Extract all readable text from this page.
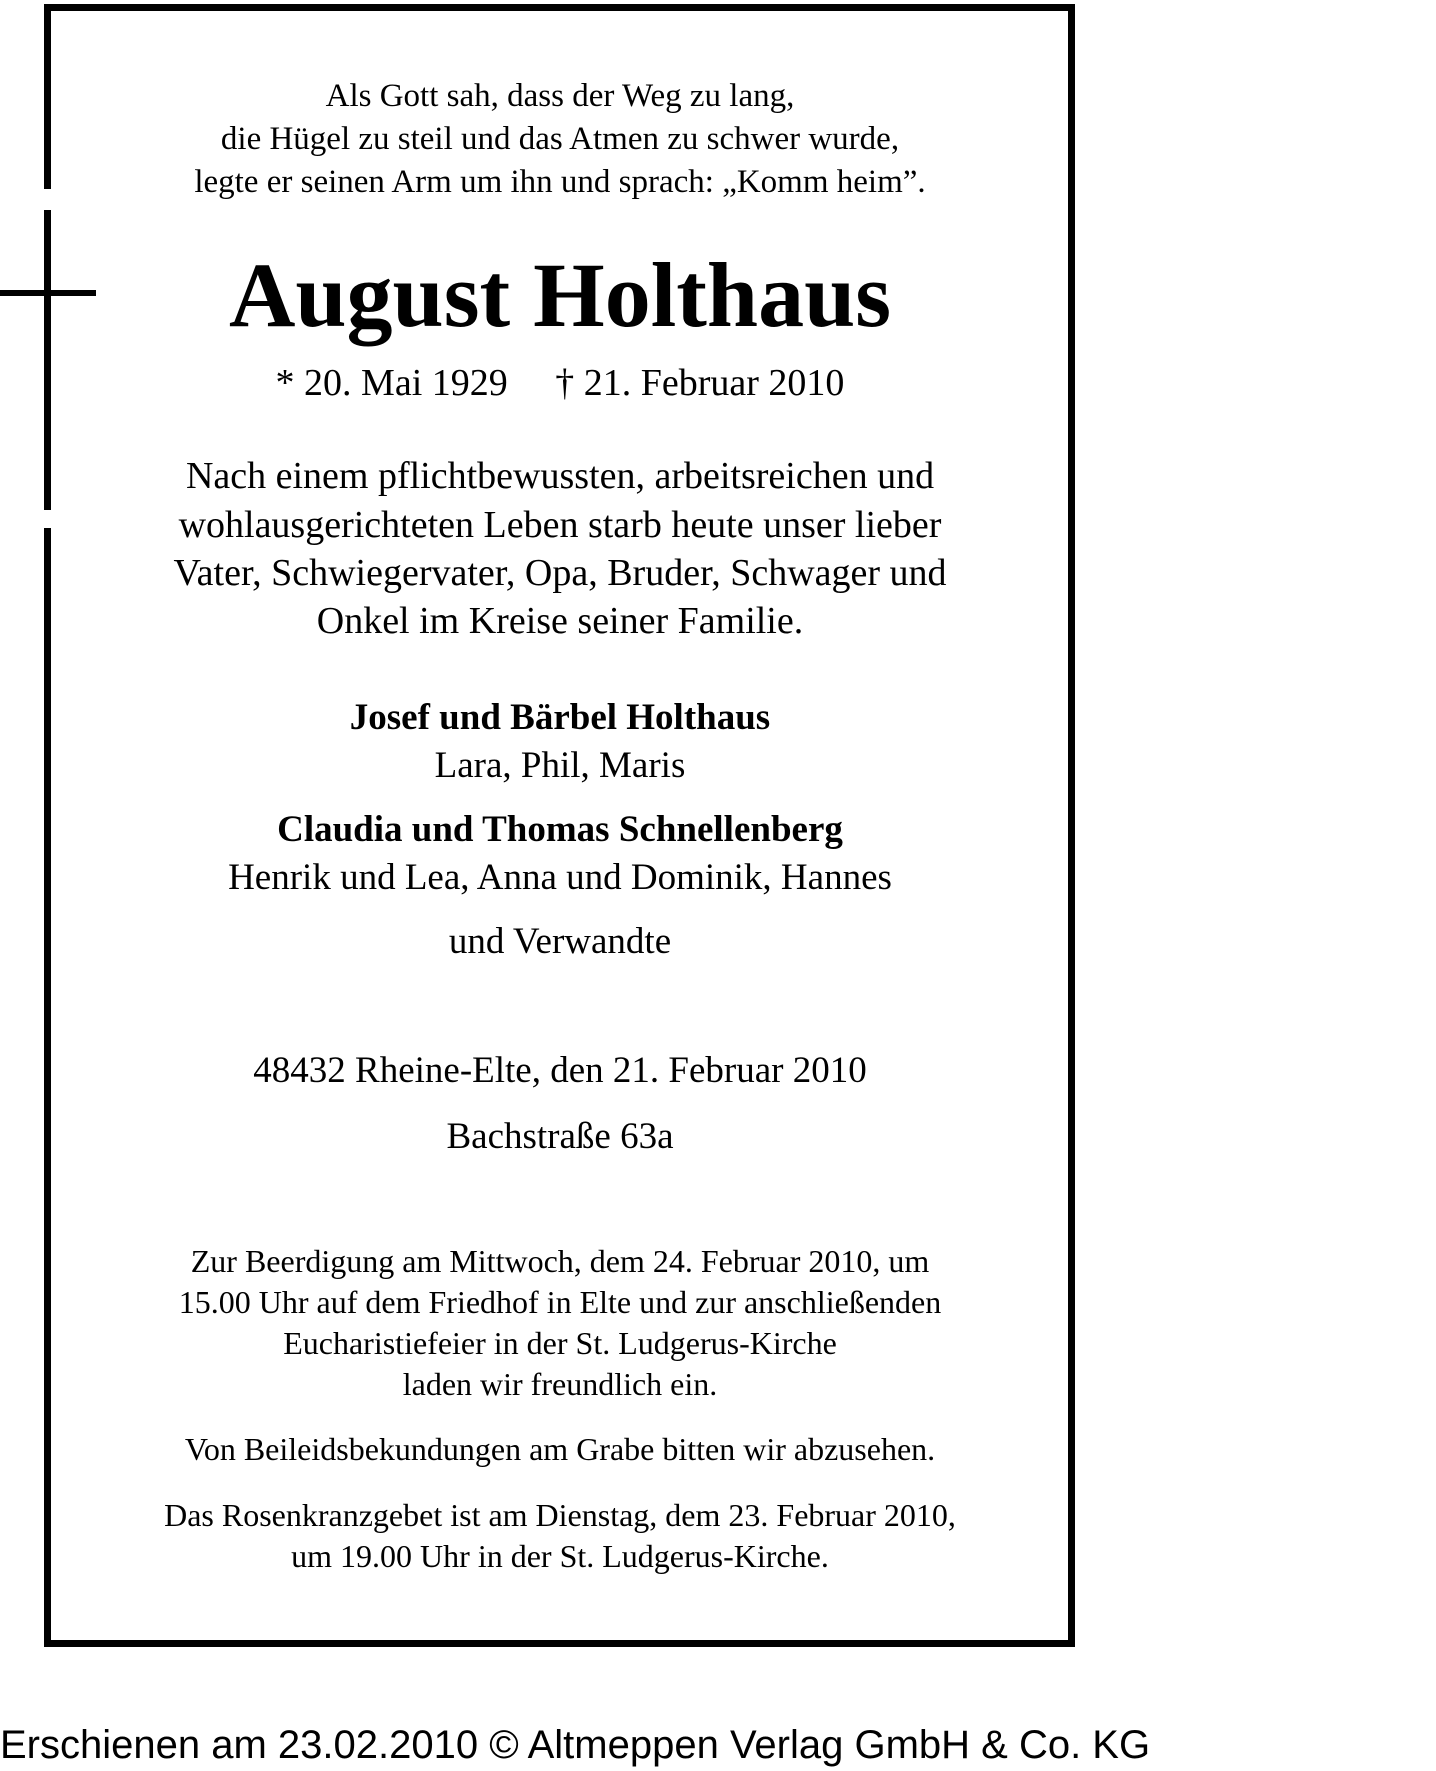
Als Gott sah, dass der Weg zu lang,
die Hügel zu steil und das Atmen zu schwer wurde,
legte er seinen Arm um ihn und sprach: „Komm heim”.
August Holthaus
* 20. Mai 1929     † 21. Februar 2010
Nach einem pflichtbewussten, arbeitsreichen und
wohlausgerichteten Leben starb heute unser lieber
Vater, Schwiegervater, Opa, Bruder, Schwager und
Onkel im Kreise seiner Familie.
Josef und Bärbel Holthaus
Lara, Phil, Maris
Claudia und Thomas Schnellenberg
Henrik und Lea, Anna und Dominik, Hannes
und Verwandte
48432 Rheine-Elte, den 21. Februar 2010
Bachstraße 63a
Zur Beerdigung am Mittwoch, dem 24. Februar 2010, um
15.00 Uhr auf dem Friedhof in Elte und zur anschließenden
Eucharistiefeier in der St. Ludgerus-Kirche
laden wir freundlich ein.
Von Beileidsbekundungen am Grabe bitten wir abzusehen.
Das Rosenkranzgebet ist am Dienstag, dem 23. Februar 2010,
um 19.00 Uhr in der St. Ludgerus-Kirche.
Erschienen am 23.02.2010 © Altmeppen Verlag GmbH & Co. KG
